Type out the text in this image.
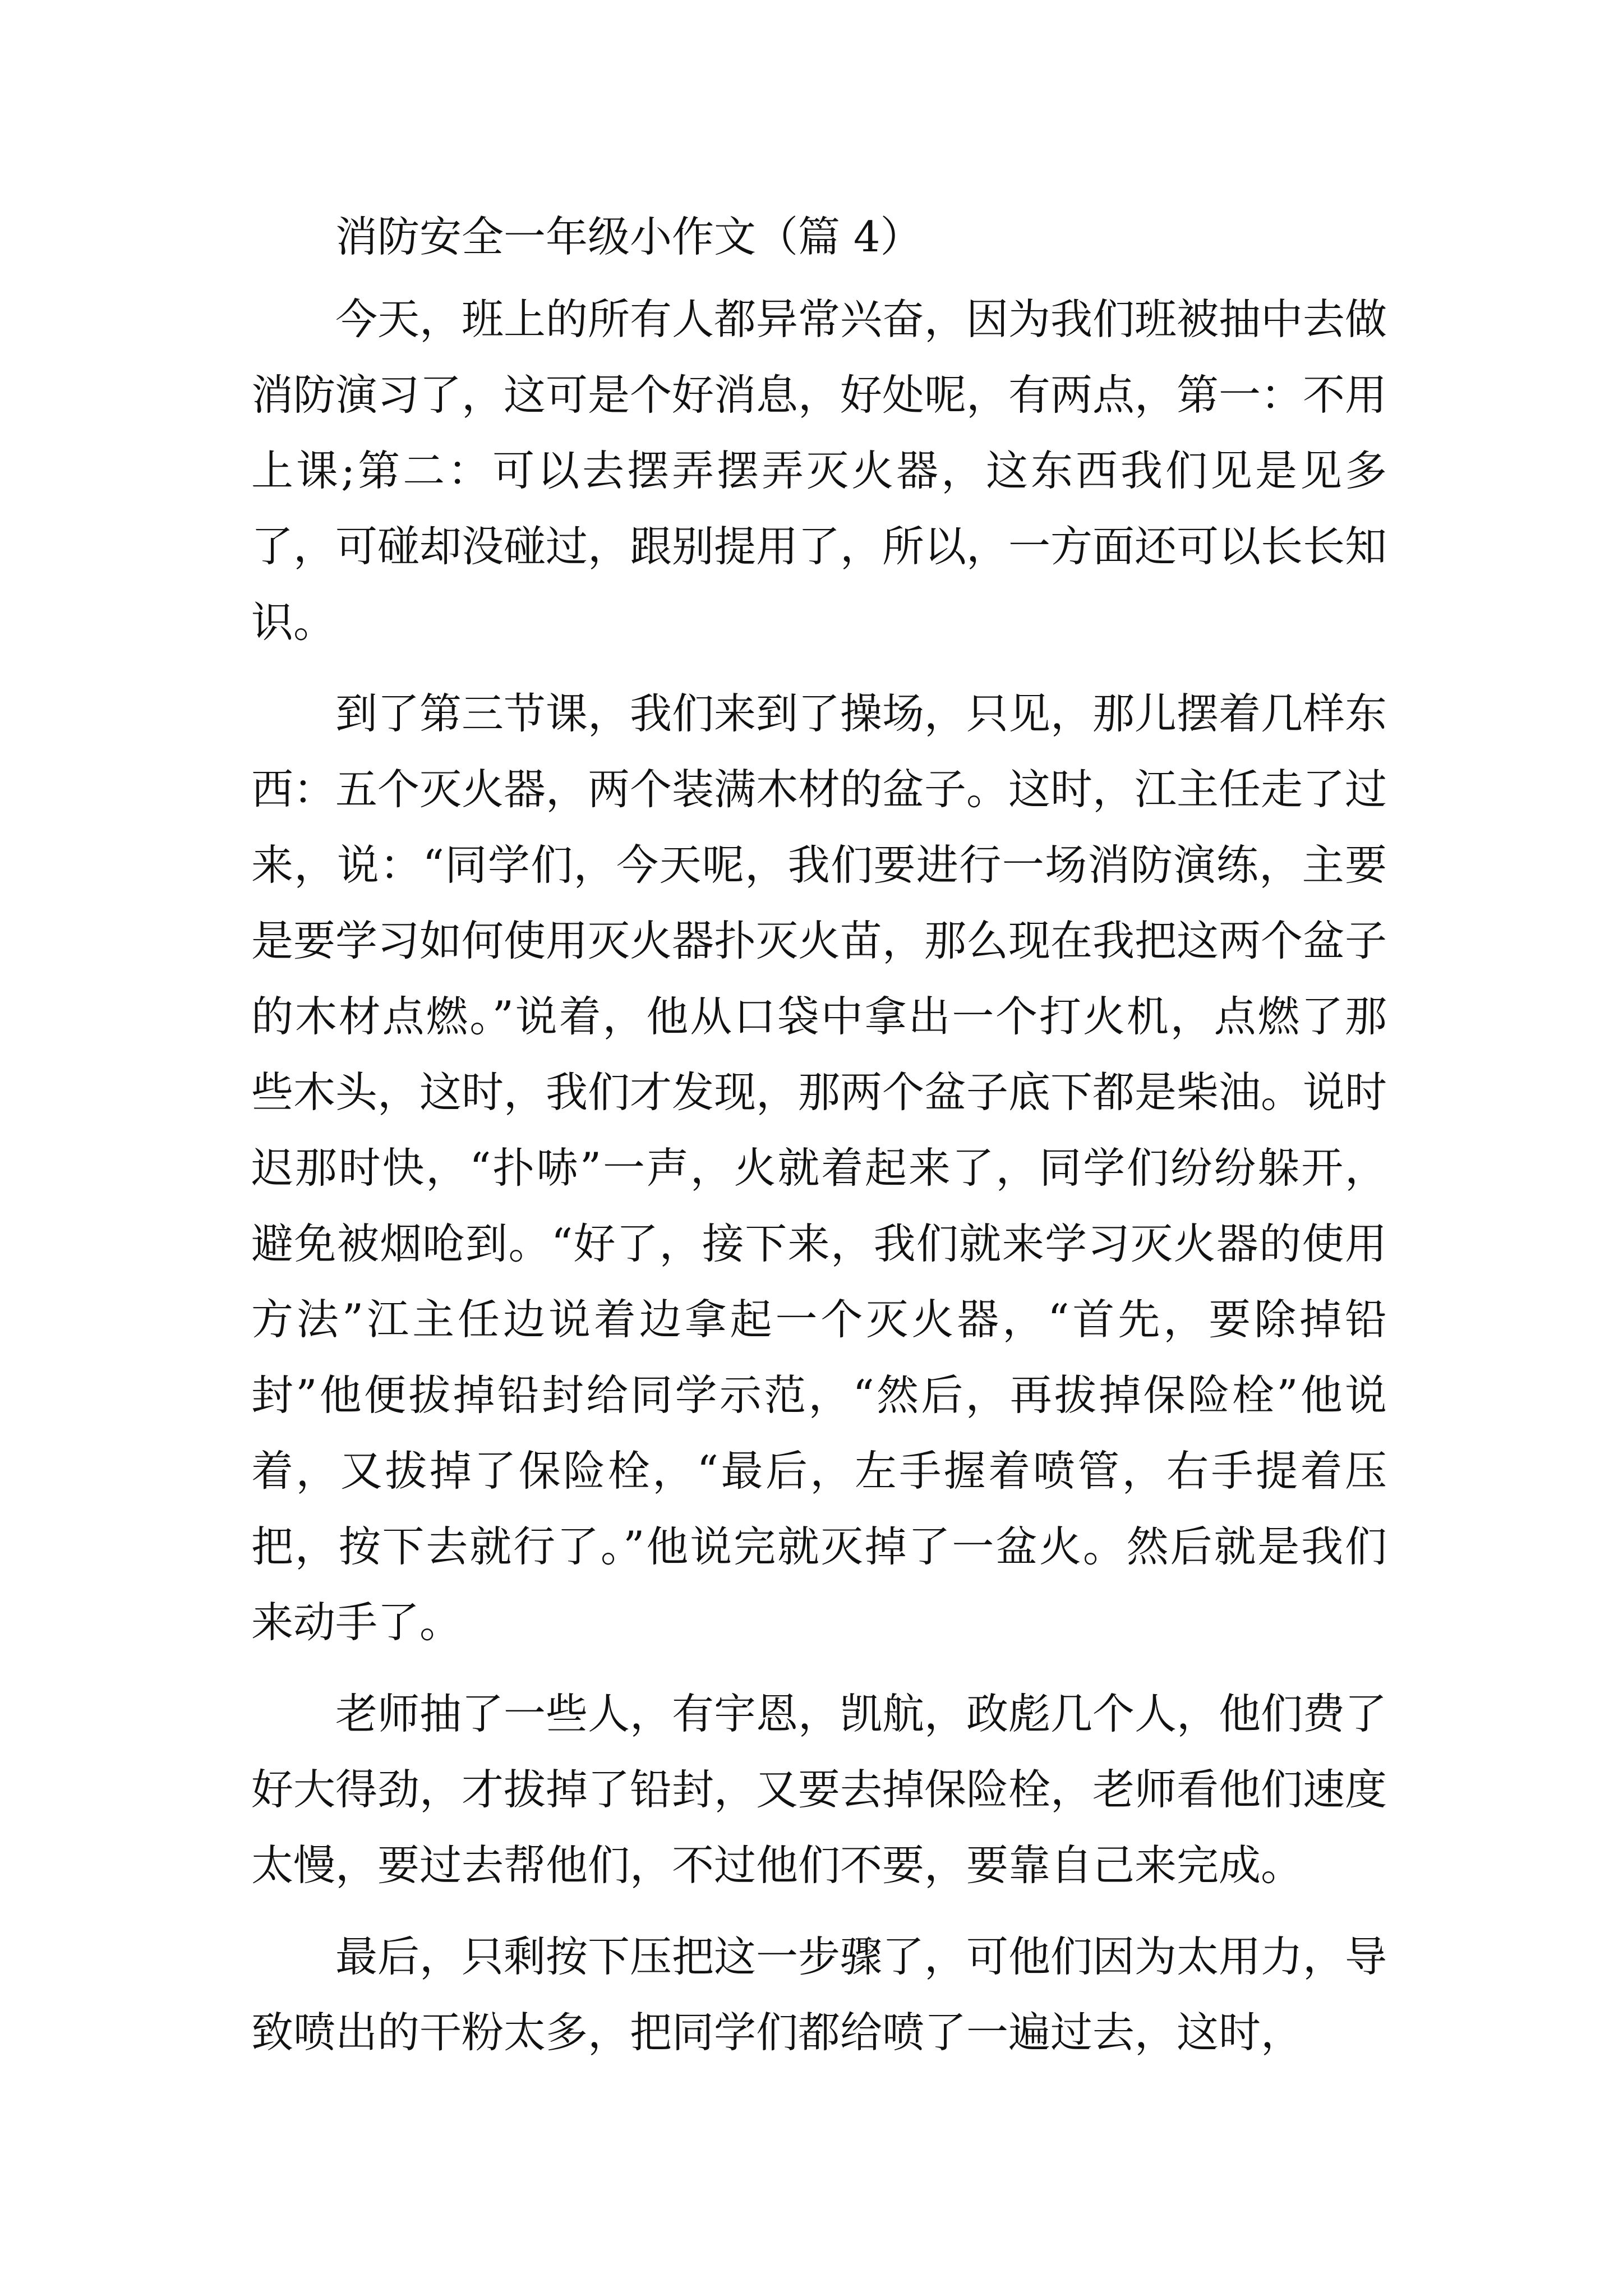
消防安全一年级小作文（篇 4）

今天，班上的所有人都异常兴奋，因为我们班被抽中去做消防演习了，这可是个好消息，好处呢，有两点，第一：不用上课;第二：可以去摆弄摆弄灭火器，这东西我们见是见多了，可碰却没碰过，跟别提用了，所以，一方面还可以长长知识。

到了第三节课，我们来到了操场，只见，那儿摆着几样东西：五个灭火器，两个装满木材的盆子。这时，江主任走了过来，说：“同学们，今天呢，我们要进行一场消防演练，主要是要学习如何使用灭火器扑灭火苗，那么现在我把这两个盆子的木材点燃。”说着，他从口袋中拿出一个打火机，点燃了那些木头，这时，我们才发现，那两个盆子底下都是柴油。说时迟那时快，“扑哧”一声，火就着起来了，同学们纷纷躲开，避免被烟呛到。“好了，接下来，我们就来学习灭火器的使用方法”江主任边说着边拿起一个灭火器，“首先，要除掉铅封”他便拔掉铅封给同学示范，“然后，再拔掉保险栓”他说着，又拔掉了保险栓，“最后，左手握着喷管，右手提着压把，按下去就行了。”他说完就灭掉了一盆火。然后就是我们来动手了。

老师抽了一些人，有宇恩，凯航，政彪几个人，他们费了好大得劲，才拔掉了铅封，又要去掉保险栓，老师看他们速度太慢，要过去帮他们，不过他们不要，要靠自己来完成。

最后，只剩按下压把这一步骤了，可他们因为太用力，导致喷出的干粉太多，把同学们都给喷了一遍过去，这时，
